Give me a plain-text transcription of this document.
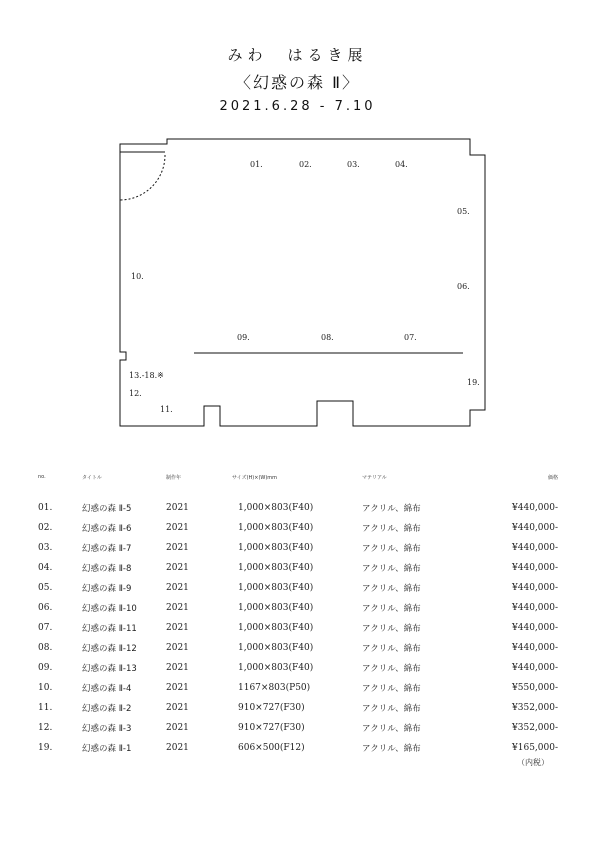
みわ　はるき展
〈幻惑の森 Ⅱ〉
2021.6.28 - 7.10
01.	02.	03.	04.
05.
06.
07.
08.
09.
10.
13.-18.※
12.
11.
19.
no.	タイトル	制作年	サイズ(H)×(W)mm	マテリアル	価格
01.	幻惑の森 Ⅱ-5	2021	1,000×803(F40)	アクリル、綿布	¥440,000-
02.	幻惑の森 Ⅱ-6	2021	1,000×803(F40)	アクリル、綿布	¥440,000-
03.	幻惑の森 Ⅱ-7	2021	1,000×803(F40)	アクリル、綿布	¥440,000-
04.	幻惑の森 Ⅱ-8	2021	1,000×803(F40)	アクリル、綿布	¥440,000-
05.	幻惑の森 Ⅱ-9	2021	1,000×803(F40)	アクリル、綿布	¥440,000-
06.	幻惑の森 Ⅱ-10	2021	1,000×803(F40)	アクリル、綿布	¥440,000-
07.	幻惑の森 Ⅱ-11	2021	1,000×803(F40)	アクリル、綿布	¥440,000-
08.	幻惑の森 Ⅱ-12	2021	1,000×803(F40)	アクリル、綿布	¥440,000-
09.	幻惑の森 Ⅱ-13	2021	1,000×803(F40)	アクリル、綿布	¥440,000-
10.	幻惑の森 Ⅱ-4	2021	1167×803(P50)	アクリル、綿布	¥550,000-
11.	幻惑の森 Ⅱ-2	2021	910×727(F30)	アクリル、綿布	¥352,000-
12.	幻惑の森 Ⅱ-3	2021	910×727(F30)	アクリル、綿布	¥352,000-
19.	幻惑の森 Ⅱ-1	2021	606×500(F12)	アクリル、綿布	¥165,000-
（内税）
